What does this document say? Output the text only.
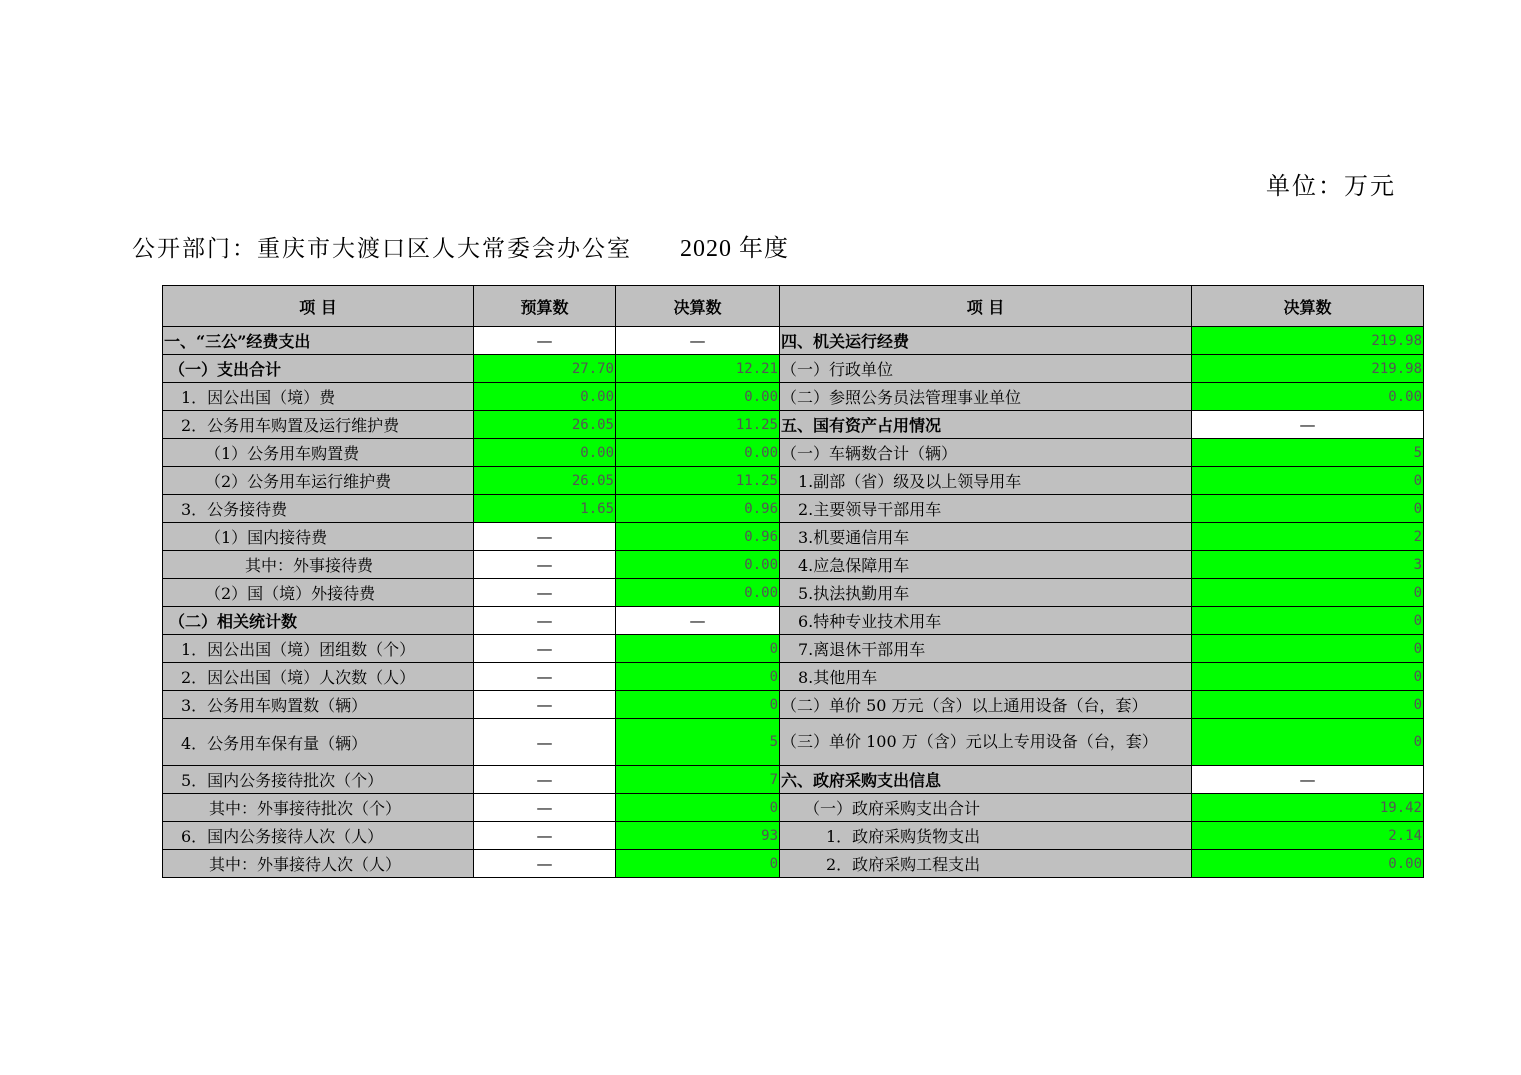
单位：万元
公开部门：重庆市大渡口区人大常委会办公室 2020 年度
项 目	预算数	决算数	项 目	决算数
一、“三公”经费支出	—	—	四、机关运行经费	219.98
（一）支出合计	27.70	12.21	（一）行政单位	219.98
1．因公出国（境）费	0.00	0.00	（二）参照公务员法管理事业单位	0.00
2．公务用车购置及运行维护费	26.05	11.25	五、国有资产占用情况	—
（1）公务用车购置费	0.00	0.00	（一）车辆数合计（辆）	5
（2）公务用车运行维护费	26.05	11.25	1.副部（省）级及以上领导用车	0
3．公务接待费	1.65	0.96	2.主要领导干部用车	0
（1）国内接待费	—	0.96	3.机要通信用车	2
其中：外事接待费	—	0.00	4.应急保障用车	3
（2）国（境）外接待费	—	0.00	5.执法执勤用车	0
（二）相关统计数	—	—	6.特种专业技术用车	0
1．因公出国（境）团组数（个）	—	0	7.离退休干部用车	0
2．因公出国（境）人次数（人）	—	0	8.其他用车	0
3．公务用车购置数（辆）	—	0	（二）单价 50 万元（含）以上通用设备（台，套）	0
4．公务用车保有量（辆）	—	5	（三）单价 100 万（含）元以上专用设备（台，套）	0
5．国内公务接待批次（个）	—	7	六、政府采购支出信息	—
其中：外事接待批次（个）	—	0	（一）政府采购支出合计	19.42
6．国内公务接待人次（人）	—	93	1．政府采购货物支出	2.14
其中：外事接待人次（人）	—	0	2．政府采购工程支出	0.00
